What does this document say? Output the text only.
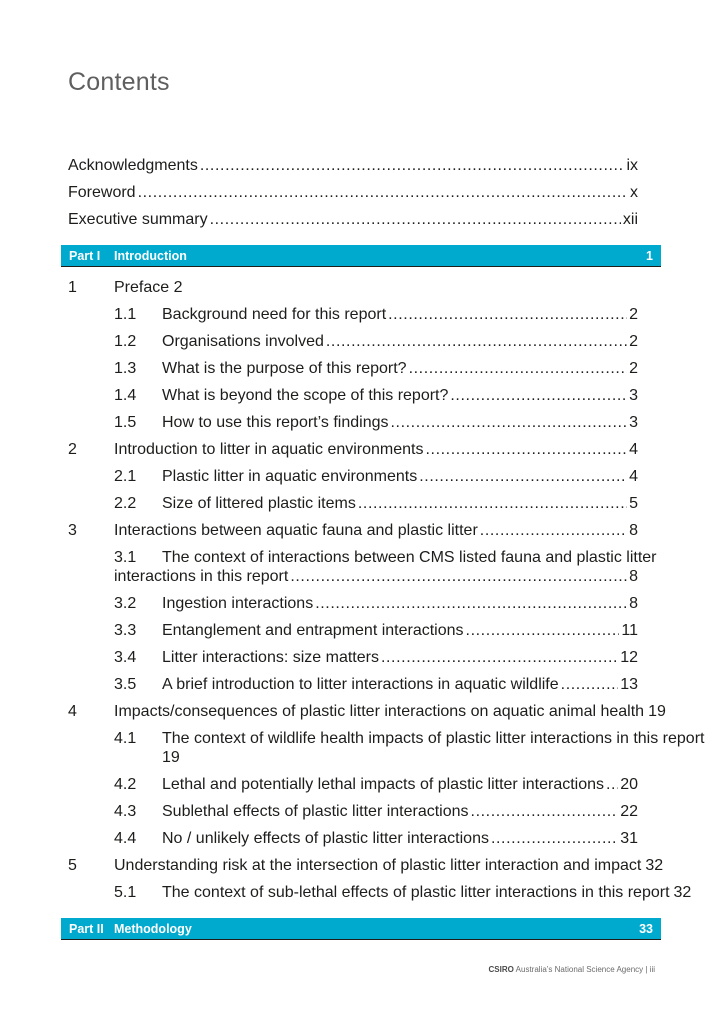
Contents
Acknowledgments .....	ix
Foreword .....	x
Executive summary .....	xii
Part I	Introduction	1
1	Preface 2
1.1	Background need for this report .....	2
1.2	Organisations involved .....	2
1.3	What is the purpose of this report? .....	2
1.4	What is beyond the scope of this report? .....	3
1.5	How to use this report’s findings .....	3
2	Introduction to litter in aquatic environments .....	4
2.1	Plastic litter in aquatic environments .....	4
2.2	Size of littered plastic items .....	5
3	Interactions between aquatic fauna and plastic litter .....	8
3.1	The context of interactions between CMS listed fauna and plastic litter
interactions in this report .....	8
3.2	Ingestion interactions .....	8
3.3	Entanglement and entrapment interactions .....	11
3.4	Litter interactions: size matters .....	12
3.5	A brief introduction to litter interactions in aquatic wildlife .....	13
4	Impacts/consequences of plastic litter interactions on aquatic animal health 19
4.1	The context of wildlife health impacts of plastic litter interactions in this report
19
4.2	Lethal and potentially lethal impacts of plastic litter interactions ..... 20
4.3	Sublethal effects of plastic litter interactions .....	22
4.4	No / unlikely effects of plastic litter interactions .....	31
5	Understanding risk at the intersection of plastic litter interaction and impact 32
5.1	The context of sub-lethal effects of plastic litter interactions in this report 32
Part II Methodology	33
CSIRO Australia’s National Science Agency | iii
